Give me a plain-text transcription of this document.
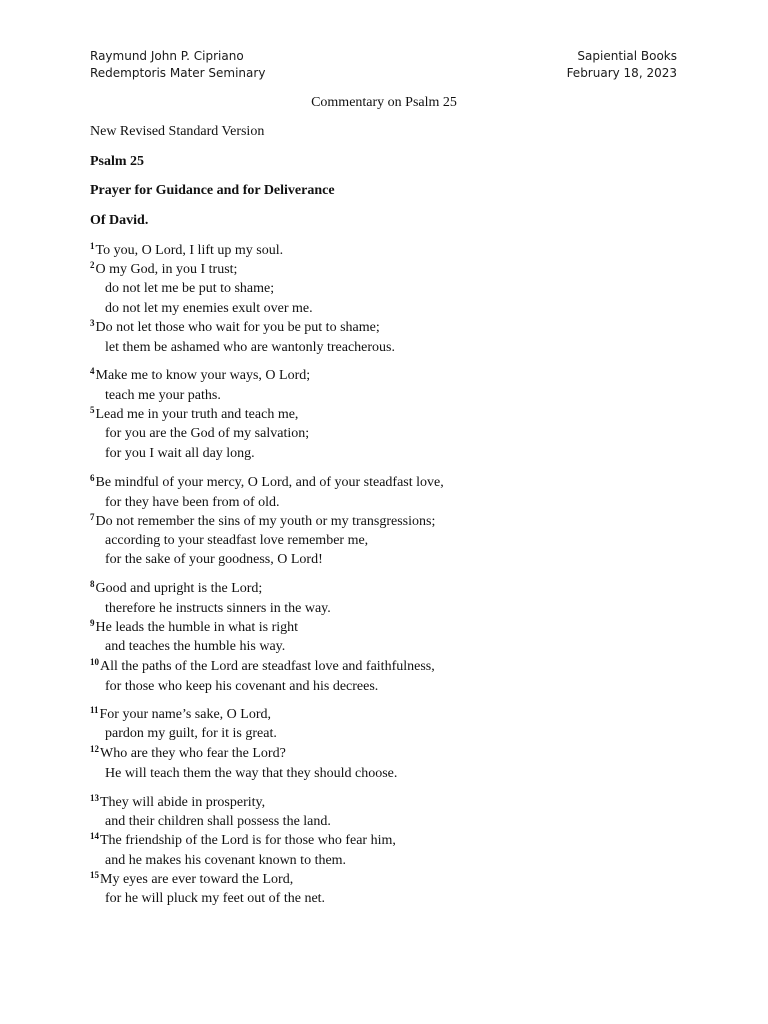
Raymund John P. Cipriano
Redemptoris Mater Seminary
Sapiential Books
February 18, 2023
Commentary on Psalm 25
New Revised Standard Version
Psalm 25
Prayer for Guidance and for Deliverance
Of David.
$^1$To you, O Lord, I lift up my soul.
$^2$O my God, in you I trust;
do not let me be put to shame;
do not let my enemies exult over me.
$^3$Do not let those who wait for you be put to shame;
let them be ashamed who are wantonly treacherous.
$^4$Make me to know your ways, O Lord;
teach me your paths.
$^5$Lead me in your truth and teach me,
for you are the God of my salvation;
for you I wait all day long.
$^6$Be mindful of your mercy, O Lord, and of your steadfast love,
for they have been from of old.
$^7$Do not remember the sins of my youth or my transgressions;
according to your steadfast love remember me,
for the sake of your goodness, O Lord!
$^8$Good and upright is the Lord;
therefore he instructs sinners in the way.
$^9$He leads the humble in what is right
and teaches the humble his way.
$^{10}$All the paths of the Lord are steadfast love and faithfulness,
for those who keep his covenant and his decrees.
$^{11}$For your name’s sake, O Lord,
pardon my guilt, for it is great.
$^{12}$Who are they who fear the Lord?
He will teach them the way that they should choose.
$^{13}$They will abide in prosperity,
and their children shall possess the land.
$^{14}$The friendship of the Lord is for those who fear him,
and he makes his covenant known to them.
$^{15}$My eyes are ever toward the Lord,
for he will pluck my feet out of the net.
